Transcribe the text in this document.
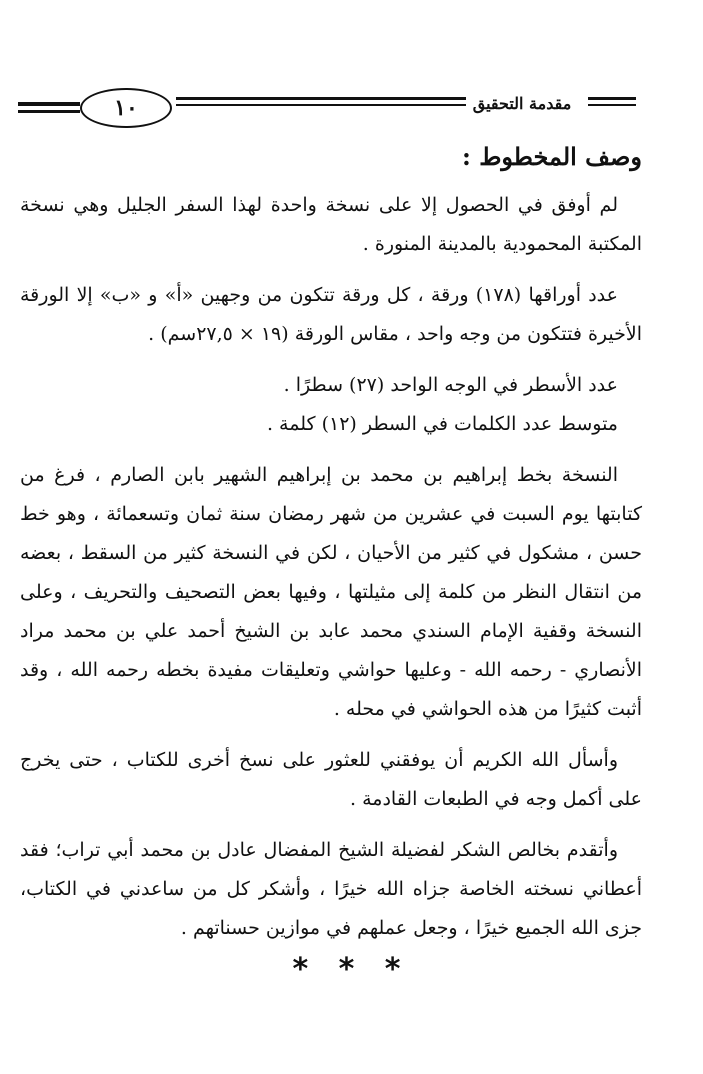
مقدمة التحقيق
١٠
وصف المخطوط :

لم أوفق في الحصول إلا على نسخة واحدة لهذا السفر الجليل وهي نسخة المكتبة المحمودية بالمدينة المنورة .

عدد أوراقها (١٧٨) ورقة ، كل ورقة تتكون من وجهين «أ» و «ب» إلا الورقة الأخيرة فتتكون من وجه واحد ، مقاس الورقة (١٩ × ٢٧,٥سم) .

عدد الأسطر في الوجه الواحد (٢٧) سطرًا .

متوسط عدد الكلمات في السطر (١٢) كلمة .

النسخة بخط إبراهيم بن محمد بن إبراهيم الشهير بابن الصارم ، فرغ من كتابتها يوم السبت في عشرين من شهر رمضان سنة ثمان وتسعمائة ، وهو خط حسن ، مشكول في كثير من الأحيان ، لكن في النسخة كثير من السقط ، بعضه من انتقال النظر من كلمة إلى مثيلتها ، وفيها بعض التصحيف والتحريف ، وعلى النسخة وقفية الإمام السندي محمد عابد بن الشيخ أحمد علي بن محمد مراد الأنصاري - رحمه الله - وعليها حواشي وتعليقات مفيدة بخطه رحمه الله ، وقد أثبت كثيرًا من هذه الحواشي في محله .

وأسأل الله الكريم أن يوفقني للعثور على نسخ أخرى للكتاب ، حتى يخرج على أكمل وجه في الطبعات القادمة .

وأتقدم بخالص الشكر لفضيلة الشيخ المفضال عادل بن محمد أبي تراب؛ فقد أعطاني نسخته الخاصة جزاه الله خيرًا ، وأشكر كل من ساعدني في الكتاب، جزى الله الجميع خيرًا ، وجعل عملهم في موازين حسناتهم .

* * *
